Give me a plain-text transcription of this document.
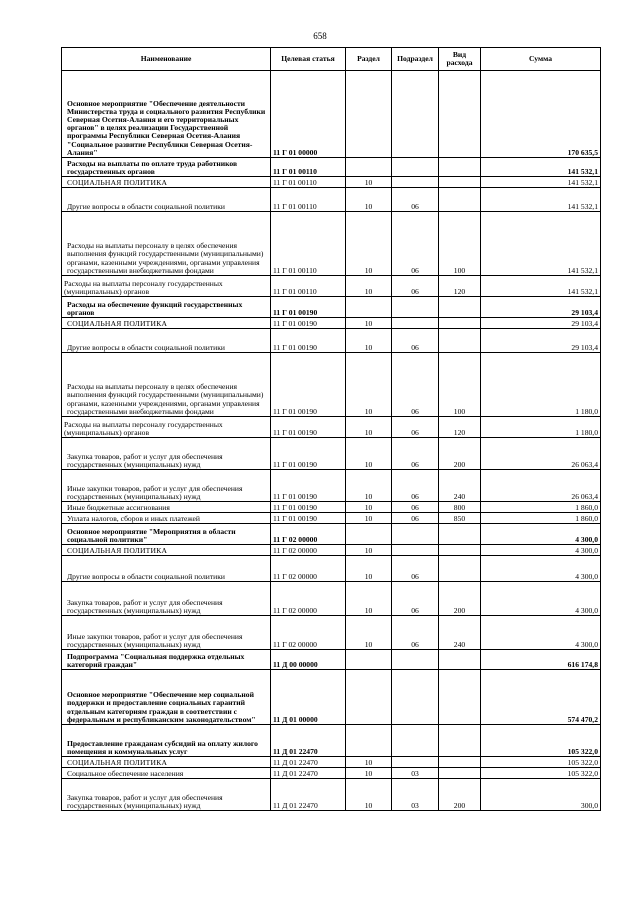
658
Наименование	Целевая статья	Раздел	Подраздел	Вид расхода	Сумма
Основное мероприятие "Обеспечение деятельности Министерства труда и социального развития Республики Северная Осетия-Алания и его территориальных органов" в целях реализации Государственной программы Республики Северная Осетия-Алания "Социальное развитие Республики Северная Осетия-Алания"	11 Г 01 00000				170 635,5
Расходы на выплаты по оплате труда работников государственных органов	11 Г 01 00110				141 532,1
СОЦИАЛЬНАЯ ПОЛИТИКА	11 Г 01 00110	10			141 532,1
Другие вопросы в области социальной политики	11 Г 01 00110	10	06		141 532,1
Расходы на выплаты персоналу в целях обеспечения выполнения функций государственными (муниципальными) органами, казенными учреждениями, органами управления государственными внебюджетными фондами	11 Г 01 00110	10	06	100	141 532,1
Расходы на выплаты персоналу государственных (муниципальных) органов	11 Г 01 00110	10	06	120	141 532,1
Расходы на обеспечение функций государственных органов	11 Г 01 00190				29 103,4
СОЦИАЛЬНАЯ ПОЛИТИКА	11 Г 01 00190	10			29 103,4
Другие вопросы в области социальной политики	11 Г 01 00190	10	06		29 103,4
Расходы на выплаты персоналу в целях обеспечения выполнения функций государственными (муниципальными) органами, казенными учреждениями, органами управления государственными внебюджетными фондами	11 Г 01 00190	10	06	100	1 180,0
Расходы на выплаты персоналу государственных (муниципальных) органов	11 Г 01 00190	10	06	120	1 180,0
Закупка товаров, работ и услуг для обеспечения государственных (муниципальных) нужд	11 Г 01 00190	10	06	200	26 063,4
Иные закупки товаров, работ и услуг для обеспечения государственных (муниципальных) нужд	11 Г 01 00190	10	06	240	26 063,4
Иные бюджетные ассигнования	11 Г 01 00190	10	06	800	1 860,0
Уплата налогов, сборов и иных платежей	11 Г 01 00190	10	06	850	1 860,0
Основное мероприятие "Мероприятия в области социальной политики"	11 Г 02 00000				4 300,0
СОЦИАЛЬНАЯ ПОЛИТИКА	11 Г 02 00000	10			4 300,0
Другие вопросы в области социальной политики	11 Г 02 00000	10	06		4 300,0
Закупка товаров, работ и услуг для обеспечения государственных (муниципальных) нужд	11 Г 02 00000	10	06	200	4 300,0
Иные закупки товаров, работ и услуг для обеспечения государственных (муниципальных) нужд	11 Г 02 00000	10	06	240	4 300,0
Подпрограмма "Социальная поддержка отдельных категорий граждан"	11 Д 00 00000				616 174,8
Основное мероприятие "Обеспечение мер социальной поддержки и предоставление социальных гарантий отдельным категориям граждан в соответствии с федеральным и республиканским законодательством"	11 Д 01 00000				574 470,2
Предоставление гражданам субсидий на оплату жилого помещения и коммунальных услуг	11 Д 01 22470				105 322,0
СОЦИАЛЬНАЯ ПОЛИТИКА	11 Д 01 22470	10			105 322,0
Социальное обеспечение населения	11 Д 01 22470	10	03		105 322,0
Закупка товаров, работ и услуг для обеспечения государственных (муниципальных) нужд	11 Д 01 22470	10	03	200	300,0
